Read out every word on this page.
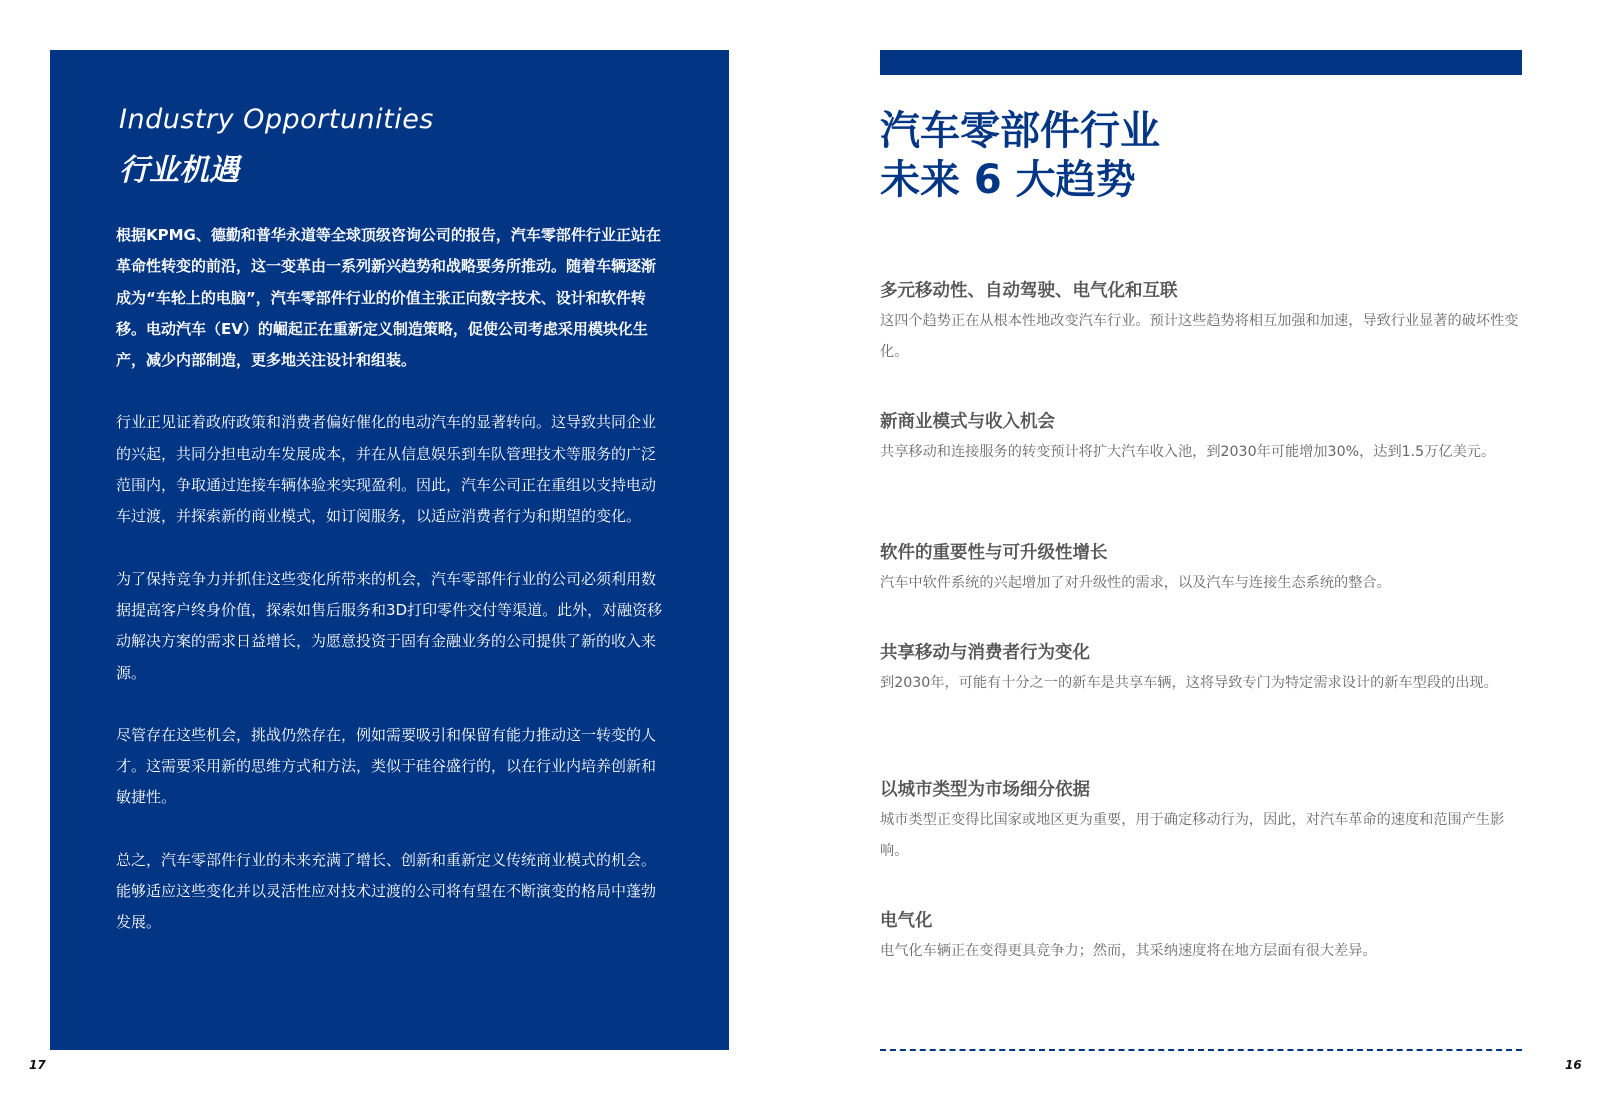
Industry Opportunities
行业机遇

根据KPMG、德勤和普华永道等全球顶级咨询公司的报告，汽车零部件行业正站在革命性转变的前沿，这一变革由一系列新兴趋势和战略要务所推动。随着车辆逐渐成为“车轮上的电脑”，汽车零部件行业的价值主张正向数字技术、设计和软件转移。电动汽车（EV）的崛起正在重新定义制造策略，促使公司考虑采用模块化生产，减少内部制造，更多地关注设计和组装。

行业正见证着政府政策和消费者偏好催化的电动汽车的显著转向。这导致共同企业的兴起，共同分担电动车发展成本，并在从信息娱乐到车队管理技术等服务的广泛范围内，争取通过连接车辆体验来实现盈利。因此，汽车公司正在重组以支持电动车过渡，并探索新的商业模式，如订阅服务，以适应消费者行为和期望的变化。

为了保持竞争力并抓住这些变化所带来的机会，汽车零部件行业的公司必须利用数据提高客户终身价值，探索如售后服务和3D打印零件交付等渠道。此外，对融资移动解决方案的需求日益增长，为愿意投资于固有金融业务的公司提供了新的收入来源。

尽管存在这些机会，挑战仍然存在，例如需要吸引和保留有能力推动这一转变的人才。这需要采用新的思维方式和方法，类似于硅谷盛行的，以在行业内培养创新和敏捷性。

总之，汽车零部件行业的未来充满了增长、创新和重新定义传统商业模式的机会。能够适应这些变化并以灵活性应对技术过渡的公司将有望在不断演变的格局中蓬勃发展。

17
汽车零部件行业
未来 6 大趋势
多元移动性、自动驾驶、电气化和互联
这四个趋势正在从根本性地改变汽车行业。预计这些趋势将相互加强和加速，导致行业显著的破坏性变化。
新商业模式与收入机会
共享移动和连接服务的转变预计将扩大汽车收入池，到2030年可能增加30%，达到1.5万亿美元。
软件的重要性与可升级性增长
汽车中软件系统的兴起增加了对升级性的需求，以及汽车与连接生态系统的整合。
共享移动与消费者行为变化
到2030年，可能有十分之一的新车是共享车辆，这将导致专门为特定需求设计的新车型段的出现。
以城市类型为市场细分依据
城市类型正变得比国家或地区更为重要，用于确定移动行为，因此，对汽车革命的速度和范围产生影响。
电气化
电气化车辆正在变得更具竞争力；然而，其采纳速度将在地方层面有很大差异。
16
